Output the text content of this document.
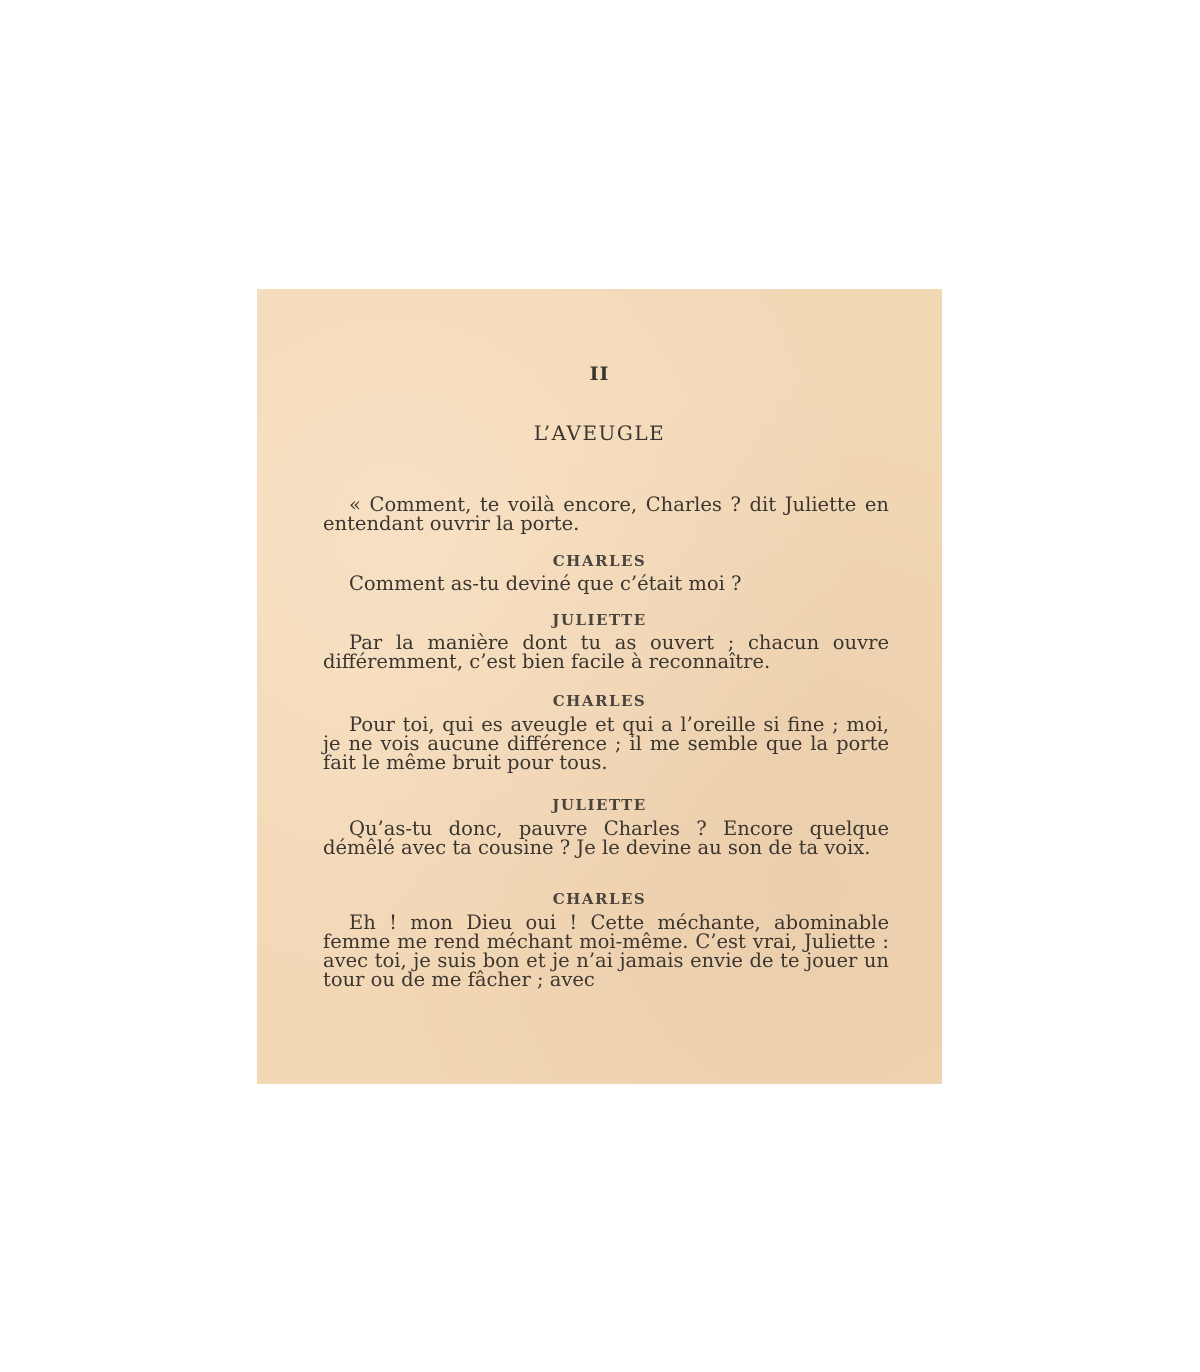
II
L’AVEUGLE
« Comment, te voilà encore, Charles ? dit Juliette en entendant ouvrir la porte.
CHARLES
Comment as-tu deviné que c’était moi ?
JULIETTE
Par la manière dont tu as ouvert ; chacun ouvre différemment, c’est bien facile à reconnaître.
CHARLES
Pour toi, qui es aveugle et qui a l’oreille si fine ; moi, je ne vois aucune différence ; il me semble que la porte fait le même bruit pour tous.
JULIETTE
Qu’as-tu donc, pauvre Charles ? Encore quelque démêlé avec ta cousine ? Je le devine au son de ta voix.
CHARLES
Eh ! mon Dieu oui ! Cette méchante, abominable femme me rend méchant moi-même. C’est vrai, Juliette : avec toi, je suis bon et je n’ai jamais envie de te jouer un tour ou de me fâcher ; avec
